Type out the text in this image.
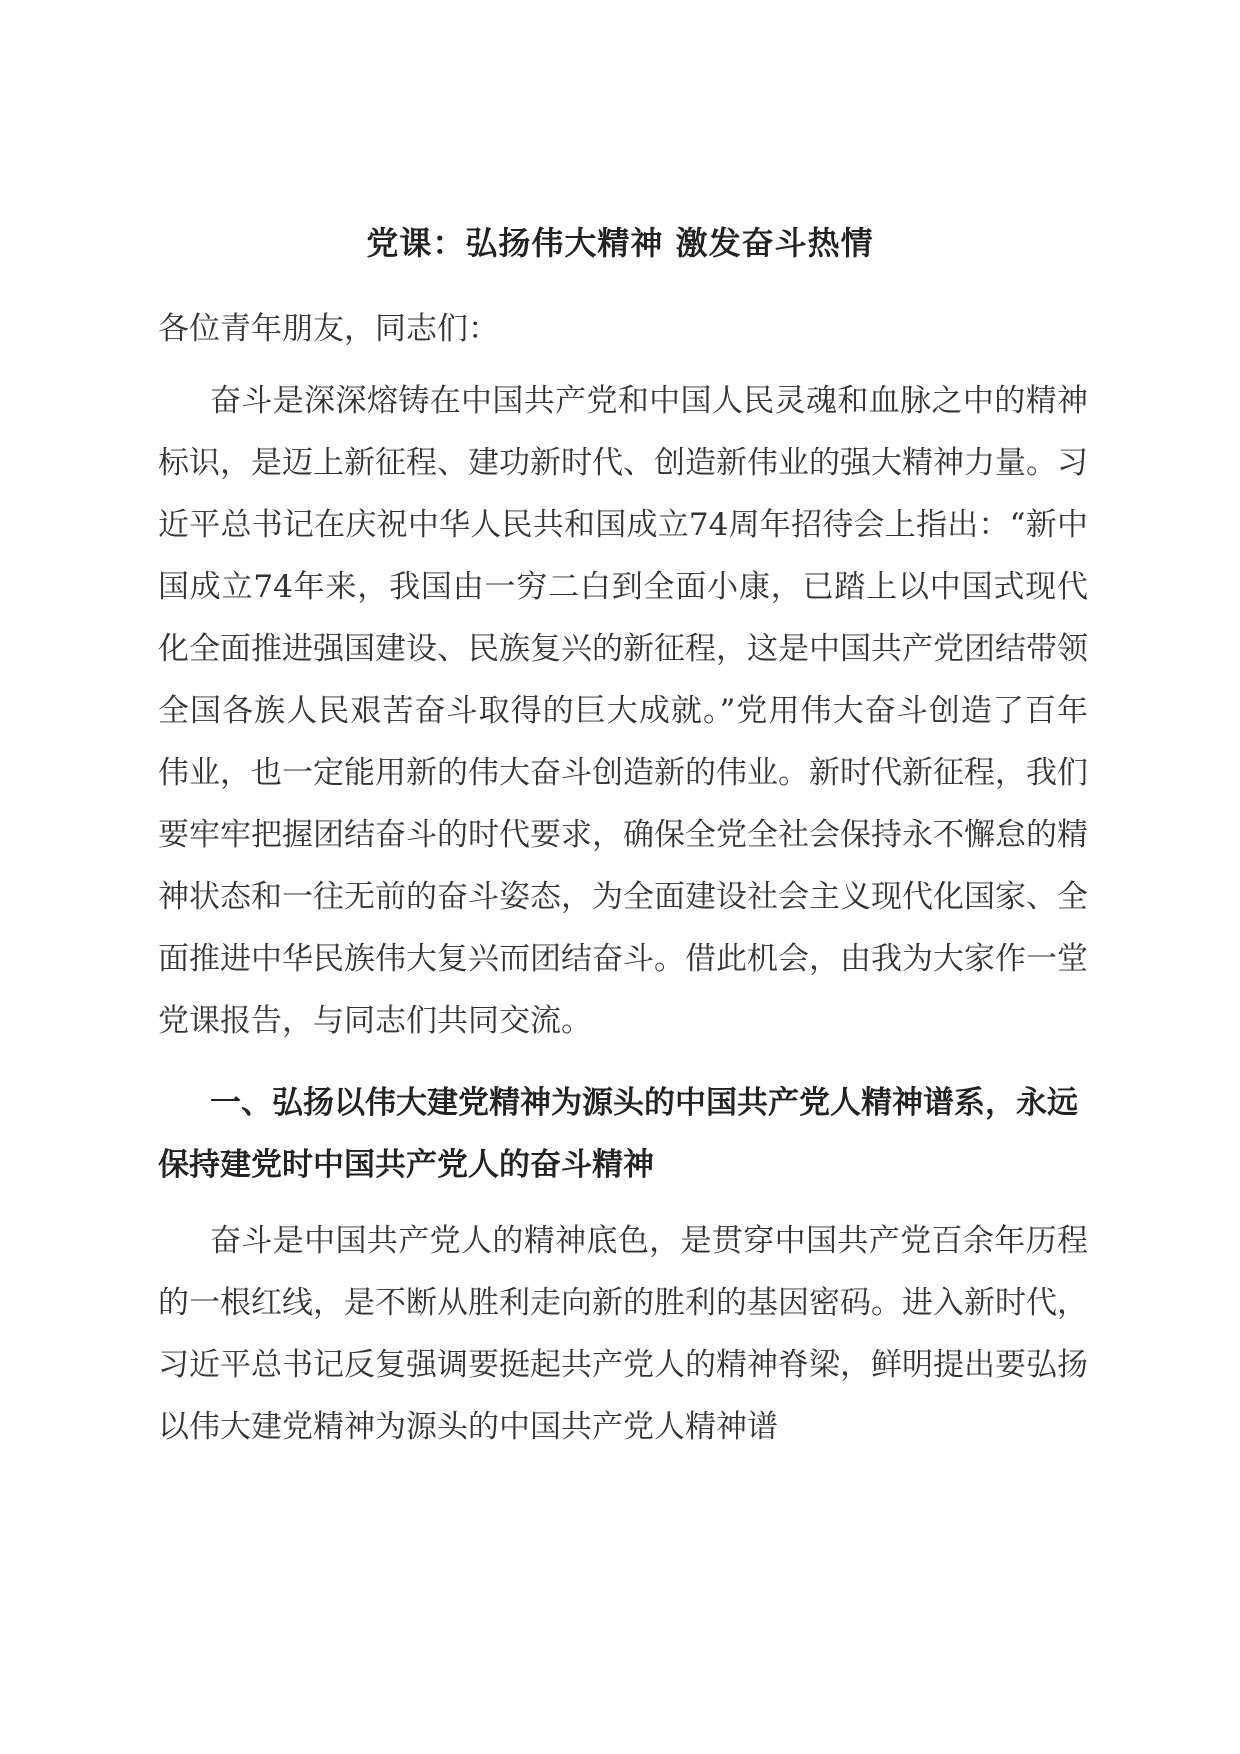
党课：弘扬伟大精神 激发奋斗热情

各位青年朋友，同志们：

奋斗是深深熔铸在中国共产党和中国人民灵魂和血脉之中的精神标识，是迈上新征程、建功新时代、创造新伟业的强大精神力量。习近平总书记在庆祝中华人民共和国成立74周年招待会上指出：“新中国成立74年来，我国由一穷二白到全面小康，已踏上以中国式现代化全面推进强国建设、民族复兴的新征程，这是中国共产党团结带领全国各族人民艰苦奋斗取得的巨大成就。”党用伟大奋斗创造了百年伟业，也一定能用新的伟大奋斗创造新的伟业。新时代新征程，我们要牢牢把握团结奋斗的时代要求，确保全党全社会保持永不懈怠的精神状态和一往无前的奋斗姿态，为全面建设社会主义现代化国家、全面推进中华民族伟大复兴而团结奋斗。借此机会，由我为大家作一堂党课报告，与同志们共同交流。

一、弘扬以伟大建党精神为源头的中国共产党人精神谱系，永远保持建党时中国共产党人的奋斗精神

奋斗是中国共产党人的精神底色，是贯穿中国共产党百余年历程的一根红线，是不断从胜利走向新的胜利的基因密码。进入新时代，习近平总书记反复强调要挺起共产党人的精神脊梁，鲜明提出要弘扬以伟大建党精神为源头的中国共产党人精神谱
